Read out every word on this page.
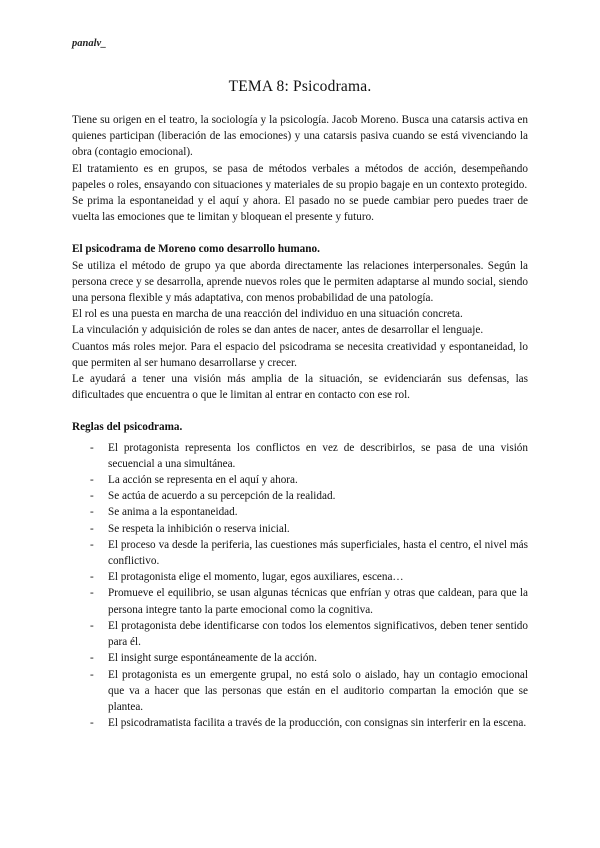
panalv_
TEMA 8: Psicodrama.

Tiene su origen en el teatro, la sociología y la psicología. Jacob Moreno. Busca una catarsis activa en quienes participan (liberación de las emociones) y una catarsis pasiva cuando se está vivenciando la obra (contagio emocional).

El tratamiento es en grupos, se pasa de métodos verbales a métodos de acción, desempeñando papeles o roles, ensayando con situaciones y materiales de su propio bagaje en un contexto protegido.

Se prima la espontaneidad y el aquí y ahora. El pasado no se puede cambiar pero puedes traer de vuelta las emociones que te limitan y bloquean el presente y futuro.

El psicodrama de Moreno como desarrollo humano.

Se utiliza el método de grupo ya que aborda directamente las relaciones interpersonales. Según la persona crece y se desarrolla, aprende nuevos roles que le permiten adaptarse al mundo social, siendo una persona flexible y más adaptativa, con menos probabilidad de una patología.

El rol es una puesta en marcha de una reacción del individuo en una situación concreta.

La vinculación y adquisición de roles se dan antes de nacer, antes de desarrollar el lenguaje.

Cuantos más roles mejor. Para el espacio del psicodrama se necesita creatividad y espontaneidad, lo que permiten al ser humano desarrollarse y crecer.

Le ayudará a tener una visión más amplia de la situación, se evidenciarán sus defensas, las dificultades que encuentra o que le limitan al entrar en contacto con ese rol.

Reglas del psicodrama.

- El protagonista representa los conflictos en vez de describirlos, se pasa de una visión secuencial a una simultánea.
- La acción se representa en el aquí y ahora.
- Se actúa de acuerdo a su percepción de la realidad.
- Se anima a la espontaneidad.
- Se respeta la inhibición o reserva inicial.
- El proceso va desde la periferia, las cuestiones más superficiales, hasta el centro, el nivel más conflictivo.
- El protagonista elige el momento, lugar, egos auxiliares, escena…
- Promueve el equilibrio, se usan algunas técnicas que enfrían y otras que caldean, para que la persona integre tanto la parte emocional como la cognitiva.
- El protagonista debe identificarse con todos los elementos significativos, deben tener sentido para él.
- El insight surge espontáneamente de la acción.
- El protagonista es un emergente grupal, no está solo o aislado, hay un contagio emocional que va a hacer que las personas que están en el auditorio compartan la emoción que se plantea.
- El psicodramatista facilita a través de la producción, con consignas sin interferir en la escena.
